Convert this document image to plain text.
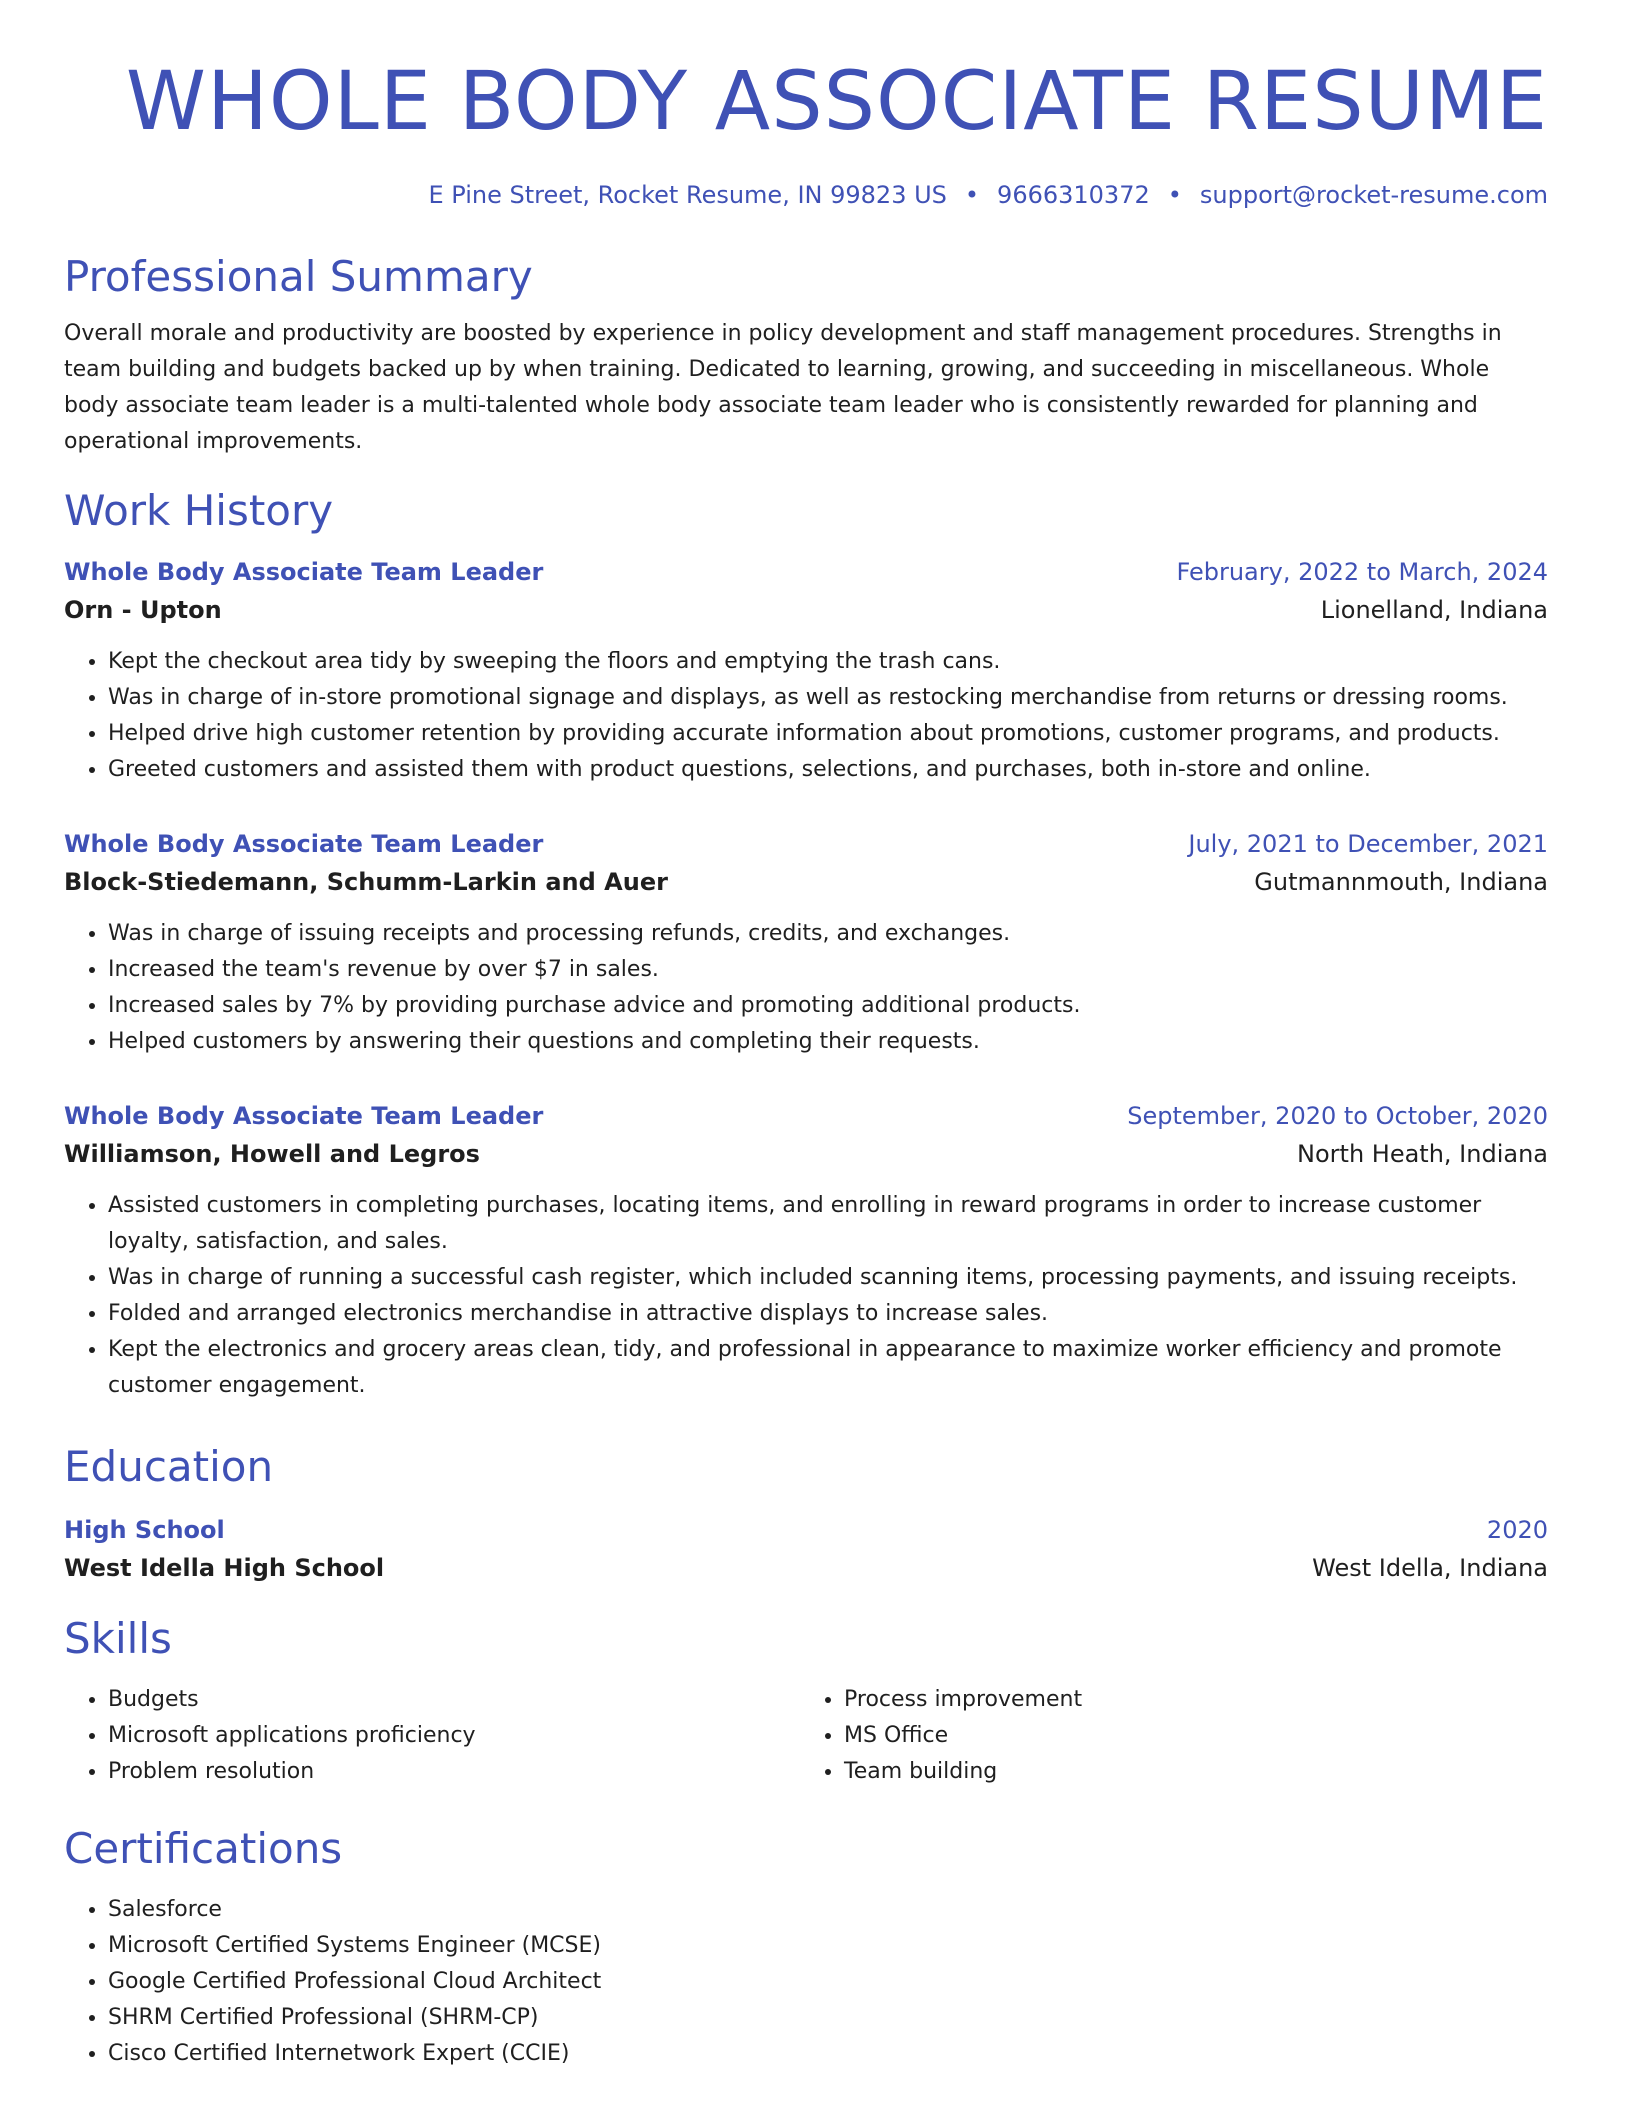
WHOLE BODY ASSOCIATE RESUME
E Pine Street, Rocket Resume, IN 99823 US • 9666310372 • support@rocket-resume.com
Professional Summary
Overall morale and productivity are boosted by experience in policy development and staff management procedures. Strengths in team building and budgets backed up by when training. Dedicated to learning, growing, and succeeding in miscellaneous. Whole body associate team leader is a multi-talented whole body associate team leader who is consistently rewarded for planning and operational improvements.
Work History
Whole Body Associate Team Leader	February, 2022 to March, 2024
Orn - Upton	Lionelland, Indiana
• Kept the checkout area tidy by sweeping the floors and emptying the trash cans.
• Was in charge of in-store promotional signage and displays, as well as restocking merchandise from returns or dressing rooms.
• Helped drive high customer retention by providing accurate information about promotions, customer programs, and products.
• Greeted customers and assisted them with product questions, selections, and purchases, both in-store and online.
Whole Body Associate Team Leader	July, 2021 to December, 2021
Block-Stiedemann, Schumm-Larkin and Auer	Gutmannmouth, Indiana
• Was in charge of issuing receipts and processing refunds, credits, and exchanges.
• Increased the team's revenue by over $7 in sales.
• Increased sales by 7% by providing purchase advice and promoting additional products.
• Helped customers by answering their questions and completing their requests.
Whole Body Associate Team Leader	September, 2020 to October, 2020
Williamson, Howell and Legros	North Heath, Indiana
• Assisted customers in completing purchases, locating items, and enrolling in reward programs in order to increase customer loyalty, satisfaction, and sales.
• Was in charge of running a successful cash register, which included scanning items, processing payments, and issuing receipts.
• Folded and arranged electronics merchandise in attractive displays to increase sales.
• Kept the electronics and grocery areas clean, tidy, and professional in appearance to maximize worker efficiency and promote customer engagement.
Education
High School	2020
West Idella High School	West Idella, Indiana
Skills
• Budgets
• Microsoft applications proficiency
• Problem resolution
• Process improvement
• MS Office
• Team building
Certifications
• Salesforce
• Microsoft Certified Systems Engineer (MCSE)
• Google Certified Professional Cloud Architect
• SHRM Certified Professional (SHRM-CP)
• Cisco Certified Internetwork Expert (CCIE)
